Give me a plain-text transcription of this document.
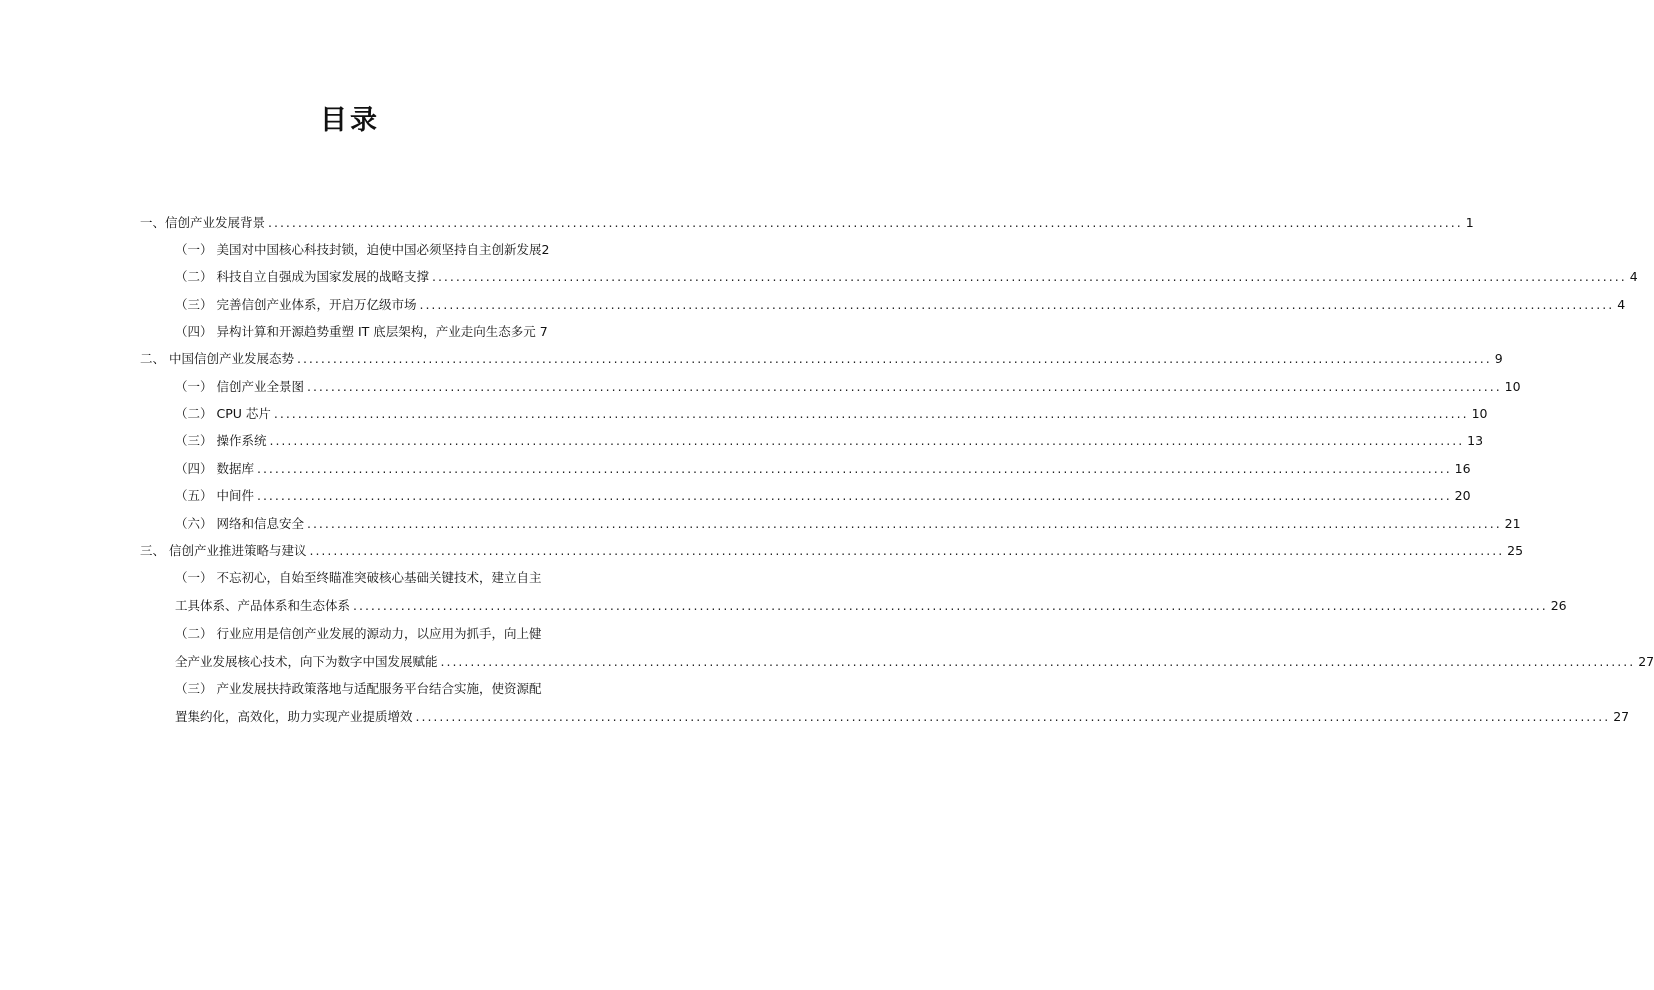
目录
一、信创产业发展背景 ........................................................................................................................................................................................................ 1
（一） 美国对中国核心科技封锁，迫使中国必须坚持自主创新发展2
（二） 科技自立自强成为国家发展的战略支撑 ........................................................................................................................................................................................................ 4
（三） 完善信创产业体系，开启万亿级市场 ........................................................................................................................................................................................................ 4
（四） 异构计算和开源趋势重塑 IT 底层架构，产业走向生态多元 7
二、 中国信创产业发展态势 ........................................................................................................................................................................................................ 9
（一） 信创产业全景图 ........................................................................................................................................................................................................ 10
（二） CPU 芯片 ........................................................................................................................................................................................................ 10
（三） 操作系统 ........................................................................................................................................................................................................ 13
（四） 数据库 ........................................................................................................................................................................................................ 16
（五） 中间件 ........................................................................................................................................................................................................ 20
（六） 网络和信息安全 ........................................................................................................................................................................................................ 21
三、 信创产业推进策略与建议 ........................................................................................................................................................................................................ 25
（一） 不忘初心，自始至终瞄准突破核心基础关键技术，建立自主
工具体系、产品体系和生态体系 ........................................................................................................................................................................................................ 26
（二） 行业应用是信创产业发展的源动力，以应用为抓手，向上健
全产业发展核心技术，向下为数字中国发展赋能 ........................................................................................................................................................................................................ 27
（三） 产业发展扶持政策落地与适配服务平台结合实施，使资源配
置集约化，高效化，助力实现产业提质增效 ........................................................................................................................................................................................................ 27
